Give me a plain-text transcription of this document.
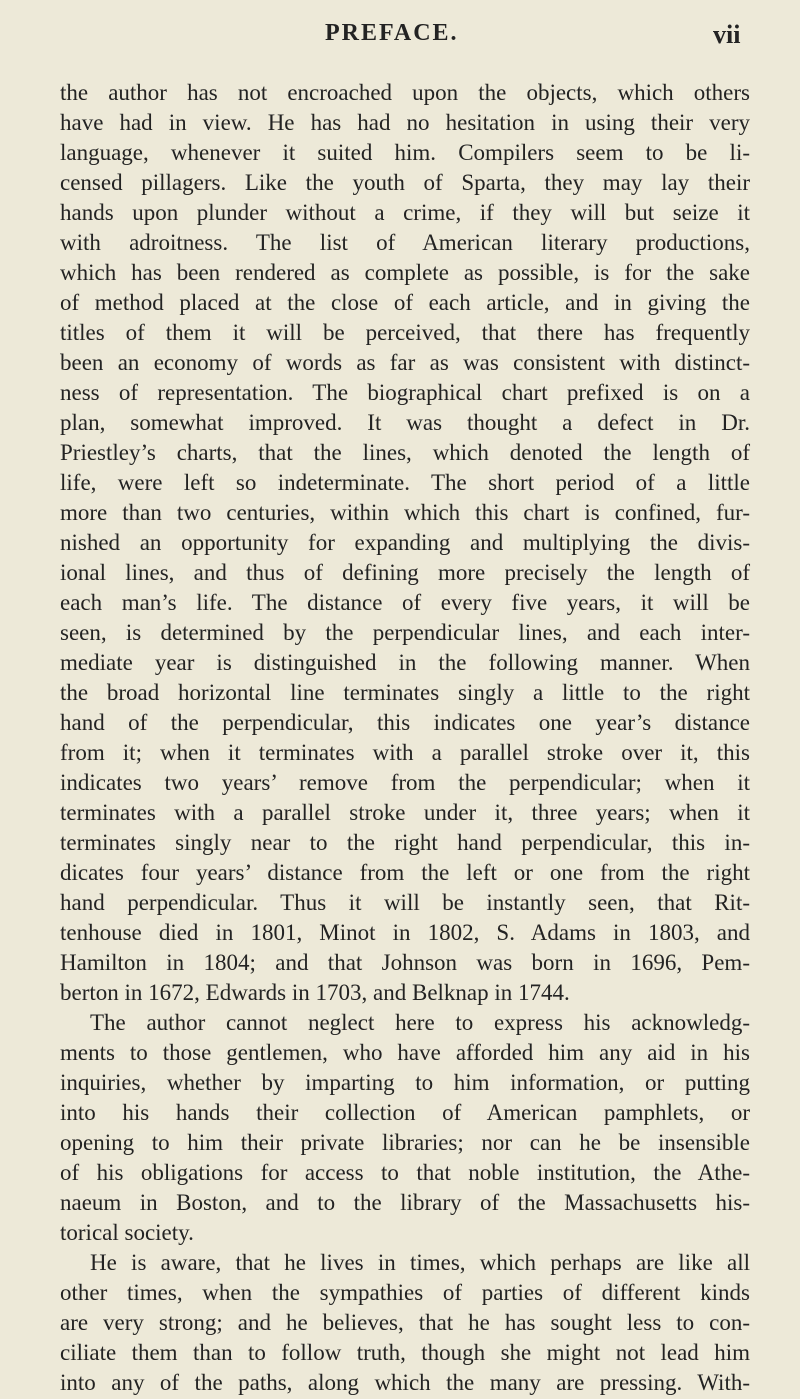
PREFACE.	vii
the author has not encroached upon the objects, which others
have had in view. He has had no hesitation in using their very
language, whenever it suited him. Compilers seem to be li-
censed pillagers. Like the youth of Sparta, they may lay their
hands upon plunder without a crime, if they will but seize it
with adroitness. The list of American literary productions,
which has been rendered as complete as possible, is for the sake
of method placed at the close of each article, and in giving the
titles of them it will be perceived, that there has frequently
been an economy of words as far as was consistent with distinct-
ness of representation. The biographical chart prefixed is on a
plan, somewhat improved. It was thought a defect in Dr.
Priestley’s charts, that the lines, which denoted the length of
life, were left so indeterminate. The short period of a little
more than two centuries, within which this chart is confined, fur-
nished an opportunity for expanding and multiplying the divis-
ional lines, and thus of defining more precisely the length of
each man’s life. The distance of every five years, it will be
seen, is determined by the perpendicular lines, and each inter-
mediate year is distinguished in the following manner. When
the broad horizontal line terminates singly a little to the right
hand of the perpendicular, this indicates one year’s distance
from it; when it terminates with a parallel stroke over it, this
indicates two years’ remove from the perpendicular; when it
terminates with a parallel stroke under it, three years; when it
terminates singly near to the right hand perpendicular, this in-
dicates four years’ distance from the left or one from the right
hand perpendicular. Thus it will be instantly seen, that Rit-
tenhouse died in 1801, Minot in 1802, S. Adams in 1803, and
Hamilton in 1804; and that Johnson was born in 1696, Pem-
berton in 1672, Edwards in 1703, and Belknap in 1744.
The author cannot neglect here to express his acknowledg-
ments to those gentlemen, who have afforded him any aid in his
inquiries, whether by imparting to him information, or putting
into his hands their collection of American pamphlets, or
opening to him their private libraries; nor can he be insensible
of his obligations for access to that noble institution, the Athe-
naeum in Boston, and to the library of the Massachusetts his-
torical society.
He is aware, that he lives in times, which perhaps are like all
other times, when the sympathies of parties of different kinds
are very strong; and he believes, that he has sought less to con-
ciliate them than to follow truth, though she might not lead him
into any of the paths, along which the many are pressing. With-
